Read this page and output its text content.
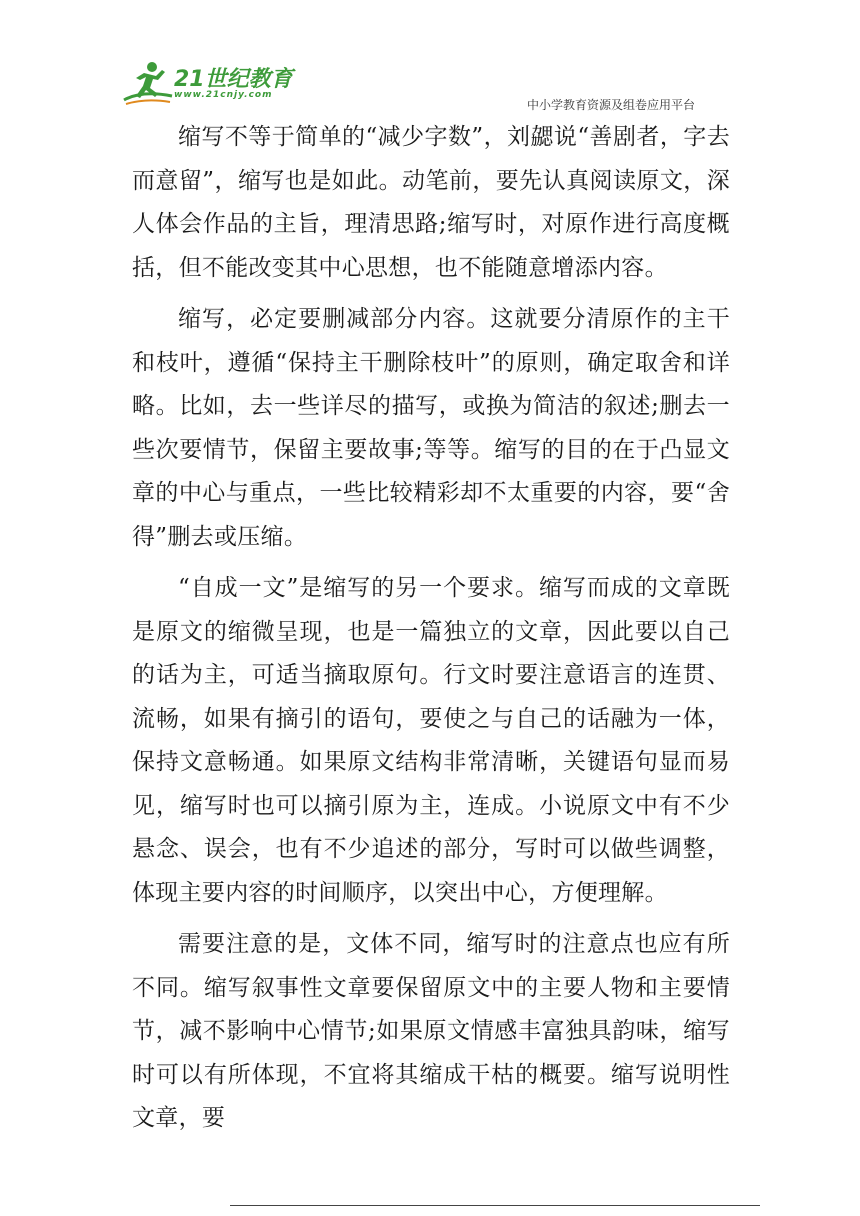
21世纪教育
www.21cnjy.com
中小学教育资源及组卷应用平台

缩写不等于简单的“减少字数”，刘勰说“善剧者，字去而意留”，缩写也是如此。动笔前，要先认真阅读原文，深人体会作品的主旨，理清思路;缩写时，对原作进行高度概括，但不能改变其中心思想，也不能随意增添内容。

缩写，必定要删减部分内容。这就要分清原作的主干和枝叶，遵循“保持主干删除枝叶”的原则，确定取舍和详略。比如，去一些详尽的描写，或换为简洁的叙述;删去一些次要情节，保留主要故事;等等。缩写的目的在于凸显文章的中心与重点，一些比较精彩却不太重要的内容，要“舍得”删去或压缩。

“自成一文”是缩写的另一个要求。缩写而成的文章既是原文的缩微呈现，也是一篇独立的文章，因此要以自己的话为主，可适当摘取原句。行文时要注意语言的连贯、流畅，如果有摘引的语句，要使之与自己的话融为一体，保持文意畅通。如果原文结构非常清晰，关键语句显而易见，缩写时也可以摘引原为主，连成。小说原文中有不少悬念、误会，也有不少追述的部分，写时可以做些调整，体现主要内容的时间顺序，以突出中心，方便理解。

需要注意的是，文体不同，缩写时的注意点也应有所不同。缩写叙事性文章要保留原文中的主要人物和主要情节，减不影响中心情节;如果原文情感丰富独具韵味，缩写时可以有所体现，不宜将其缩成干枯的概要。缩写说明性文章，要
